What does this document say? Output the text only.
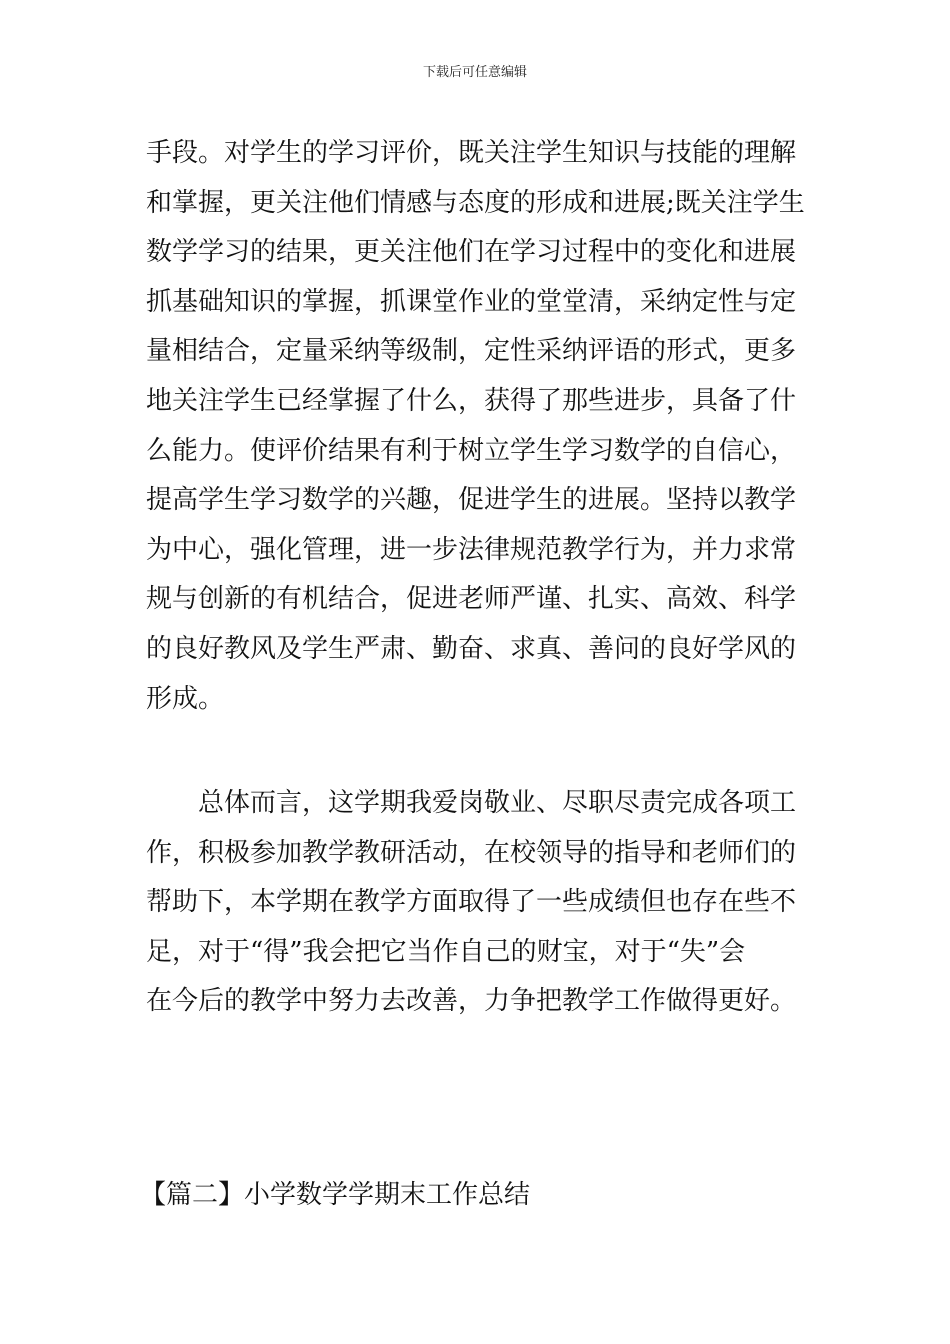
下载后可任意编辑
手段。对学生的学习评价，既关注学生知识与技能的理解
和掌握，更关注他们情感与态度的形成和进展;既关注学生
数学学习的结果，更关注他们在学习过程中的变化和进展
抓基础知识的掌握，抓课堂作业的堂堂清，采纳定性与定
量相结合，定量采纳等级制，定性采纳评语的形式，更多
地关注学生已经掌握了什么，获得了那些进步，具备了什
么能力。使评价结果有利于树立学生学习数学的自信心，
提高学生学习数学的兴趣，促进学生的进展。坚持以教学
为中心，强化管理，进一步法律规范教学行为，并力求常
规与创新的有机结合，促进老师严谨、扎实、高效、科学
的良好教风及学生严肃、勤奋、求真、善问的良好学风的
形成。
总体而言，这学期我爱岗敬业、尽职尽责完成各项工
作，积极参加教学教研活动，在校领导的指导和老师们的
帮助下，本学期在教学方面取得了一些成绩但也存在些不
足，对于“得”我会把它当作自己的财宝，对于“失”会
在今后的教学中努力去改善，力争把教学工作做得更好。
【篇二】小学数学学期末工作总结
